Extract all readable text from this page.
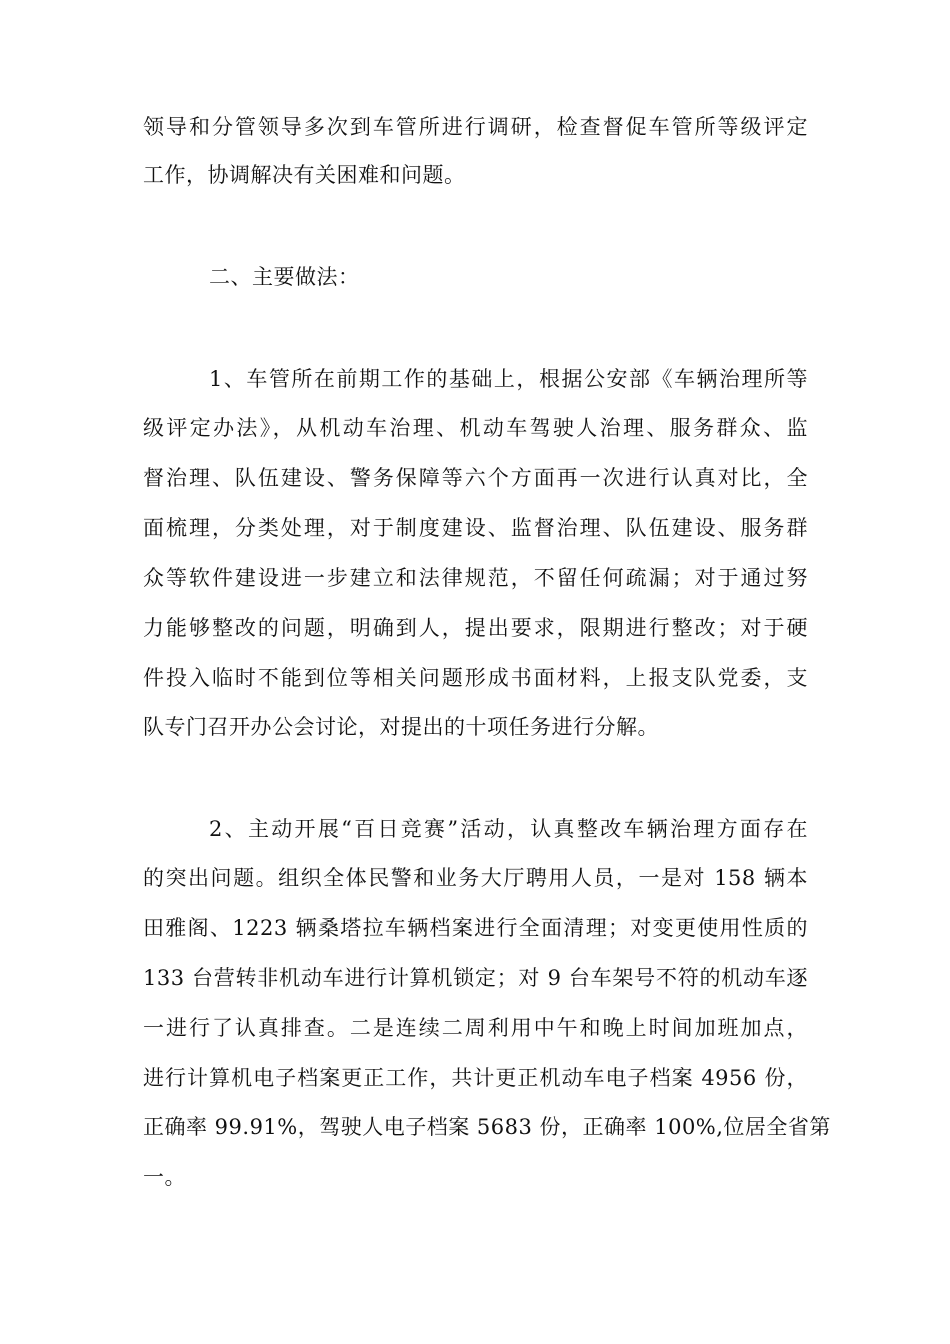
领导和分管领导多次到车管所进行调研，检查督促车管所等级评定
工作，协调解决有关困难和问题。
二、主要做法：
1、车管所在前期工作的基础上，根据公安部《车辆治理所等
级评定办法》，从机动车治理、机动车驾驶人治理、服务群众、监
督治理、队伍建设、警务保障等六个方面再一次进行认真对比，全
面梳理，分类处理，对于制度建设、监督治理、队伍建设、服务群
众等软件建设进一步建立和法律规范，不留任何疏漏；对于通过努
力能够整改的问题，明确到人，提出要求，限期进行整改；对于硬
件投入临时不能到位等相关问题形成书面材料，上报支队党委，支
队专门召开办公会讨论，对提出的十项任务进行分解。
2、主动开展“百日竞赛”活动，认真整改车辆治理方面存在
的突出问题。组织全体民警和业务大厅聘用人员，一是对 158 辆本
田雅阁、1223 辆桑塔拉车辆档案进行全面清理；对变更使用性质的
133 台营转非机动车进行计算机锁定；对 9 台车架号不符的机动车逐
一进行了认真排查。二是连续二周利用中午和晚上时间加班加点，
进行计算机电子档案更正工作，共计更正机动车电子档案 4956 份，
正确率 99.91%，驾驶人电子档案 5683 份，正确率 100%,位居全省第
一。
